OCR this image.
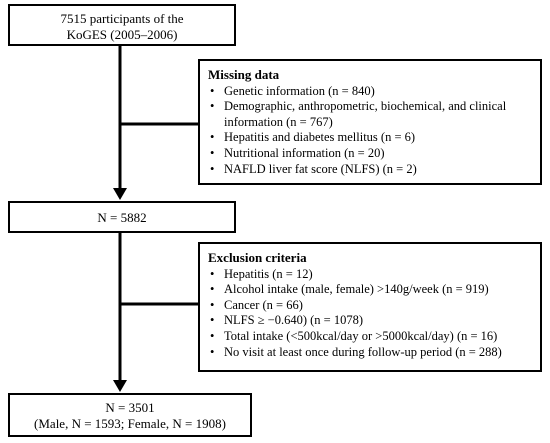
7515 participants of the
KoGES (2005–2006)
Missing data
• Genetic information (n = 840)
• Demographic, anthropometric, biochemical, and clinical information (n = 767)
• Hepatitis and diabetes mellitus (n = 6)
• Nutritional information (n = 20)
• NAFLD liver fat score (NLFS) (n = 2)
N = 5882
Exclusion criteria
• Hepatitis (n = 12)
• Alcohol intake (male, female) >140g/week (n = 919)
• Cancer (n = 66)
• NLFS ≥ −0.640) (n = 1078)
• Total intake (<500kcal/day or >5000kcal/day) (n = 16)
• No visit at least once during follow-up period (n = 288)
N = 3501
(Male, N = 1593; Female, N = 1908)
